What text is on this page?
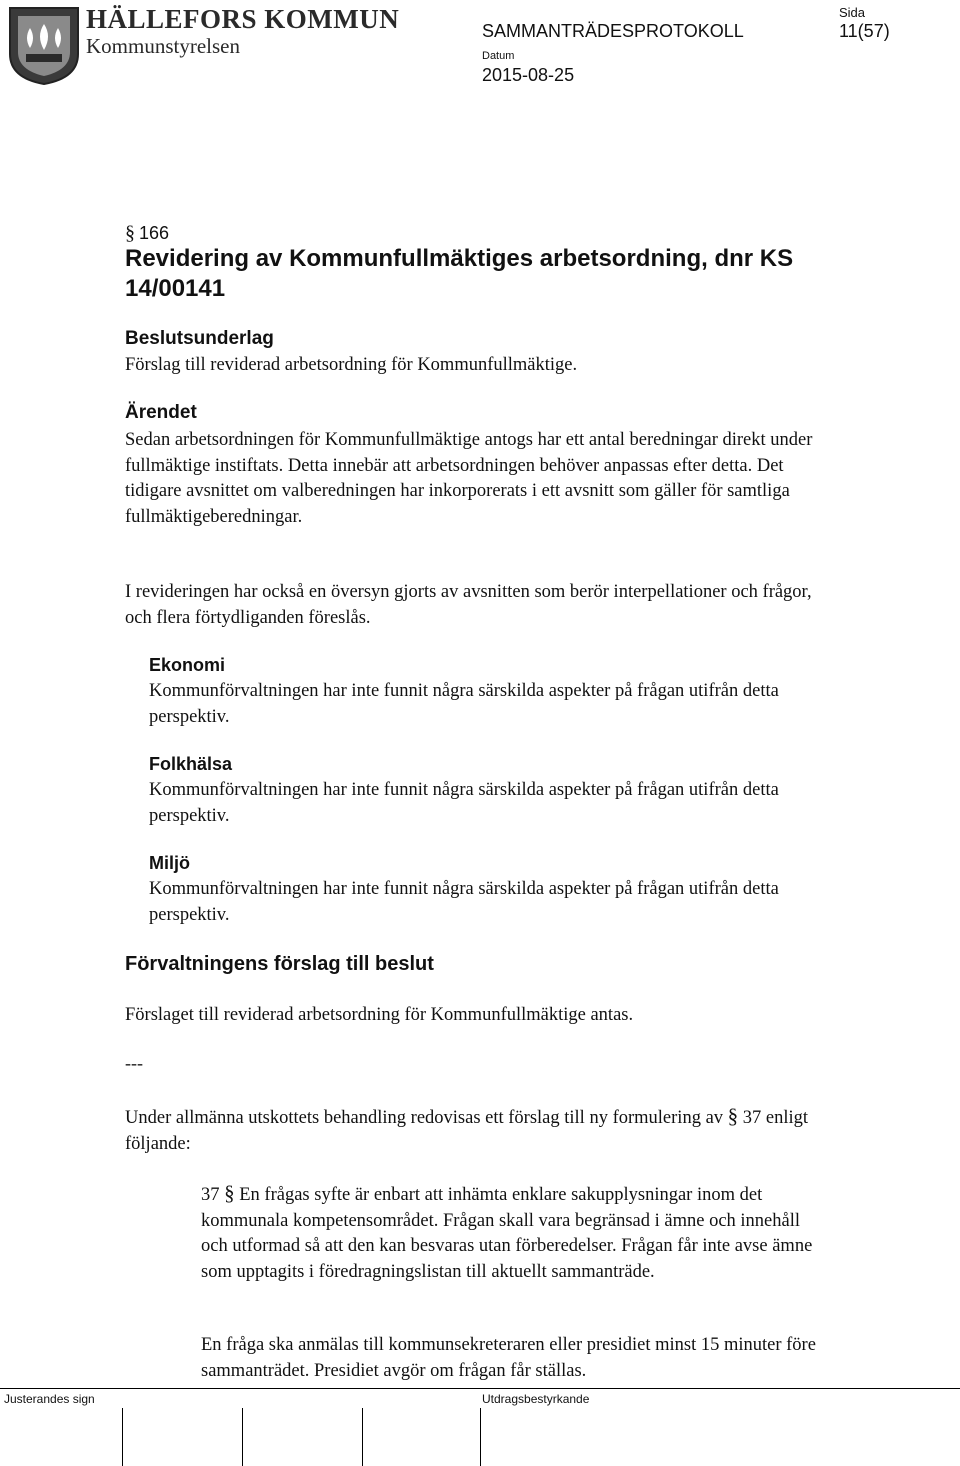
HÄLLEFORS KOMMUN
Kommunstyrelsen
SAMMANTRÄDESPROTOKOLL
Datum
2015-08-25
Sida
11(57)
§ 166
Revidering av Kommunfullmäktiges arbetsordning, dnr KS 14/00141
Beslutsunderlag
Förslag till reviderad arbetsordning för Kommunfullmäktige.
Ärendet
Sedan arbetsordningen för Kommunfullmäktige antogs har ett antal beredningar direkt under fullmäktige instiftats. Detta innebär att arbetsordningen behöver anpassas efter detta. Det tidigare avsnittet om valberedningen har inkorporerats i ett avsnitt som gäller för samtliga fullmäktigeberedningar.
I revideringen har också en översyn gjorts av avsnitten som berör interpellationer och frågor, och flera förtydliganden föreslås.
Ekonomi
Kommunförvaltningen har inte funnit några särskilda aspekter på frågan utifrån detta perspektiv.
Folkhälsa
Kommunförvaltningen har inte funnit några särskilda aspekter på frågan utifrån detta perspektiv.
Miljö
Kommunförvaltningen har inte funnit några särskilda aspekter på frågan utifrån detta perspektiv.
Förvaltningens förslag till beslut
Förslaget till reviderad arbetsordning för Kommunfullmäktige antas.
---
Under allmänna utskottets behandling redovisas ett förslag till ny formulering av § 37 enligt följande:
37 § En frågas syfte är enbart att inhämta enklare sakupplysningar inom det kommunala kompetensområdet. Frågan skall vara begränsad i ämne och innehåll och utformad så att den kan besvaras utan förberedelser. Frågan får inte avse ämne som upptagits i föredragningslistan till aktuellt sammanträde.
En fråga ska anmälas till kommunsekreteraren eller presidiet minst 15 minuter före sammanträdet. Presidiet avgör om frågan får ställas.
Justerandes sign	Utdragsbestyrkande
